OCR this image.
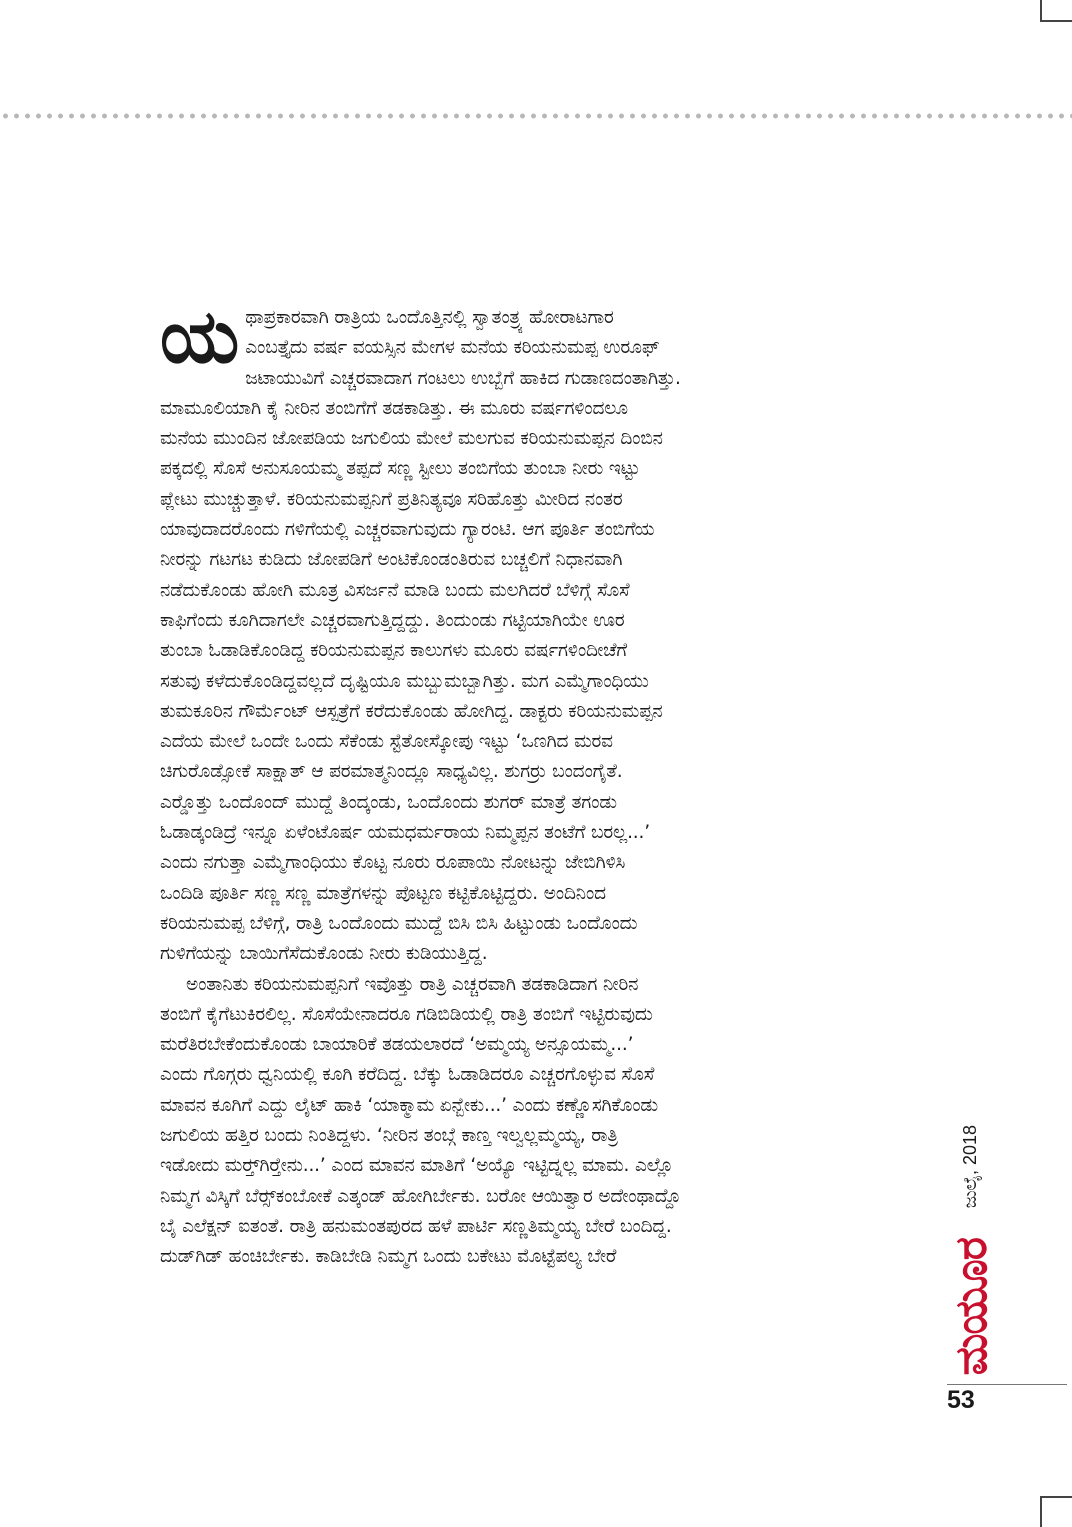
ಯ ಥಾಪ್ರಕಾರವಾಗಿ ರಾತ್ರಿಯ ಒಂದೊತ್ತಿನಲ್ಲಿ ಸ್ವಾತಂತ್ರ್ಯ ಹೋರಾಟಗಾರ
ಎಂಬತ್ತೈದು ವರ್ಷ ವಯಸ್ಸಿನ ಮೇಗಳ ಮನೆಯ ಕರಿಯನುಮಪ್ಪ ಉರೂಫ್
ಜಟಾಯುವಿಗೆ ಎಚ್ಚರವಾದಾಗ ಗಂಟಲು ಉಬ್ಬೆಗೆ ಹಾಕಿದ ಗುಡಾಣದಂತಾಗಿತ್ತು.
ಮಾಮೂಲಿಯಾಗಿ ಕೈ ನೀರಿನ ತಂಬಿಗೆಗೆ ತಡಕಾಡಿತ್ತು. ಈ ಮೂರು ವರ್ಷಗಳಿಂದಲೂ
ಮನೆಯ ಮುಂದಿನ ಜೋಪಡಿಯ ಜಗುಲಿಯ ಮೇಲೆ ಮಲಗುವ ಕರಿಯನುಮಪ್ಪನ ದಿಂಬಿನ
ಪಕ್ಕದಲ್ಲಿ ಸೊಸೆ ಅನುಸೂಯಮ್ಮ ತಪ್ಪದೆ ಸಣ್ಣ ಸ್ಟೀಲು ತಂಬಿಗೆಯ ತುಂಬಾ ನೀರು ಇಟ್ಟು
ಪ್ಲೇಟು ಮುಚ್ಚುತ್ತಾಳೆ. ಕರಿಯನುಮಪ್ಪನಿಗೆ ಪ್ರತಿನಿತ್ಯವೂ ಸರಿಹೊತ್ತು ಮೀರಿದ ನಂತರ
ಯಾವುದಾದರೊಂದು ಗಳಿಗೆಯಲ್ಲಿ ಎಚ್ಚರವಾಗುವುದು ಗ್ಯಾರಂಟಿ. ಆಗ ಪೂರ್ತಿ ತಂಬಿಗೆಯ
ನೀರನ್ನು ಗಟಗಟ ಕುಡಿದು ಜೋಪಡಿಗೆ ಅಂಟಿಕೊಂಡಂತಿರುವ ಬಚ್ಚಲಿಗೆ ನಿಧಾನವಾಗಿ
ನಡೆದುಕೊಂಡು ಹೋಗಿ ಮೂತ್ರ ವಿಸರ್ಜನೆ ಮಾಡಿ ಬಂದು ಮಲಗಿದರೆ ಬೆಳಿಗ್ಗೆ ಸೊಸೆ
ಕಾಫಿಗೆಂದು ಕೂಗಿದಾಗಲೇ ಎಚ್ಚರವಾಗುತ್ತಿದ್ದದ್ದು. ತಿಂದುಂಡು ಗಟ್ಟಿಯಾಗಿಯೇ ಊರ
ತುಂಬಾ ಓಡಾಡಿಕೊಂಡಿದ್ದ ಕರಿಯನುಮಪ್ಪನ ಕಾಲುಗಳು ಮೂರು ವರ್ಷಗಳಿಂದೀಚೆಗೆ
ಸತುವು ಕಳೆದುಕೊಂಡಿದ್ದವಲ್ಲದೆ ದೃಷ್ಟಿಯೂ ಮಬ್ಬುಮಬ್ಬಾಗಿತ್ತು. ಮಗ ಎಮ್ಮೆಗಾಂಧಿಯು
ತುಮಕೂರಿನ ಗೌರ್ಮೆಂಟ್ ಆಸ್ಪತ್ರೆಗೆ ಕರೆದುಕೊಂಡು ಹೋಗಿದ್ದ. ಡಾಕ್ಟರು ಕರಿಯನುಮಪ್ಪನ
ಎದೆಯ ಮೇಲೆ ಒಂದೇ ಒಂದು ಸೆಕೆಂಡು ಸ್ಟೆತೋಸ್ಕೋಪು ಇಟ್ಟು ‘ಒಣಗಿದ ಮರವ
ಚಿಗುರೊಡ್ಸೋಕೆ ಸಾಕ್ಷಾತ್ ಆ ಪರಮಾತ್ಮನಿಂದ್ಲೂ ಸಾಧ್ಯವಿಲ್ಲ. ಶುಗರ‍್ರು ಬಂದಂಗೈತೆ.
ಎರ‍್ಡೊತ್ತು ಒಂದೊಂದ್ ಮುದ್ದೆ ತಿಂದ್ಕಂಡು, ಒಂದೊಂದು ಶುಗರ್ ಮಾತ್ರೆ ತಗಂಡು
ಓಡಾಡ್ಕಂಡಿದ್ರೆ ಇನ್ನೂ ಏಳೆಂಟೊರ್ಷ ಯಮಧರ್ಮರಾಯ ನಿಮ್ಮಪ್ಪನ ತಂಟೆಗೆ ಬರಲ್ಲ...’
ಎಂದು ನಗುತ್ತಾ ಎಮ್ಮೆಗಾಂಧಿಯು ಕೊಟ್ಟ ನೂರು ರೂಪಾಯಿ ನೋಟನ್ನು ಜೇಬಿಗಿಳಿಸಿ
ಒಂದಿಡಿ ಪೂರ್ತಿ ಸಣ್ಣ ಸಣ್ಣ ಮಾತ್ರೆಗಳನ್ನು ಪೊಟ್ಟಣ ಕಟ್ಟಿಕೊಟ್ಟಿದ್ದರು. ಅಂದಿನಿಂದ
ಕರಿಯನುಮಪ್ಪ ಬೆಳಿಗ್ಗೆ, ರಾತ್ರಿ ಒಂದೊಂದು ಮುದ್ದೆ ಬಿಸಿ ಬಿಸಿ ಹಿಟ್ಟುಂಡು ಒಂದೊಂದು
ಗುಳಿಗೆಯನ್ನು ಬಾಯಿಗೆಸೆದುಕೊಂಡು ನೀರು ಕುಡಿಯುತ್ತಿದ್ದ.
ಅಂತಾನಿತು ಕರಿಯನುಮಪ್ಪನಿಗೆ ಇವೊತ್ತು ರಾತ್ರಿ ಎಚ್ಚರವಾಗಿ ತಡಕಾಡಿದಾಗ ನೀರಿನ
ತಂಬಿಗೆ ಕೈಗೆಟುಕಿರಲಿಲ್ಲ. ಸೊಸೆಯೇನಾದರೂ ಗಡಿಬಿಡಿಯಲ್ಲಿ ರಾತ್ರಿ ತಂಬಿಗೆ ಇಟ್ಟಿರುವುದು
ಮರೆತಿರಬೇಕೆಂದುಕೊಂಡು ಬಾಯಾರಿಕೆ ತಡಯಲಾರದೆ ‘ಅಮ್ಮಯ್ಯ ಅನ್ಸೂಯಮ್ಮ...’
ಎಂದು ಗೊಗ್ಗರು ಧ್ವನಿಯಲ್ಲಿ ಕೂಗಿ ಕರೆದಿದ್ದ. ಬೆಕ್ಕು ಓಡಾಡಿದರೂ ಎಚ್ಚರಗೊಳ್ಳುವ ಸೊಸೆ
ಮಾವನ ಕೂಗಿಗೆ ಎದ್ದು ಲೈಟ್ ಹಾಕಿ ‘ಯಾಕ್ಮಾಮ ಏನ್ಬೇಕು...’ ಎಂದು ಕಣ್ಣೊಸಗಿಕೊಂಡು
ಜಗುಲಿಯ ಹತ್ತಿರ ಬಂದು ನಿಂತಿದ್ದಳು. ‘ನೀರಿನ ತಂಬ್ಗೆ ಕಾಣ್ತ ಇಲ್ವಲ್ಲಮ್ಮಯ್ಯ, ರಾತ್ರಿ
ಇಡೋದು ಮರ‍್ತ್‌ಗಿರ‍್ತೇನು...’ ಎಂದ ಮಾವನ ಮಾತಿಗೆ ‘ಅಯ್ಯೊ ಇಟ್ಟಿದ್ನಲ್ಲ ಮಾಮ. ಎಲ್ಲೊ
ನಿಮ್ಮಗ ವಿಸ್ಕಿಗೆ ಬೆರ‍್ಸ್‌ಕಂಬೋಕೆ ಎತ್ಕಂಡ್ ಹೋಗಿರ್ಬೇಕು. ಬರೋ ಆಯಿತ್ವಾರ ಅದೇಂಥಾದ್ದೊ
ಬೈ ಎಲೆಕ್ಷನ್ ಐತಂತೆ. ರಾತ್ರಿ ಹನುಮಂತಪುರದ ಹಳೆ ಪಾರ್ಟಿ ಸಣ್ಣತಿಮ್ಮಯ್ಯ ಬೇರೆ ಬಂದಿದ್ದ.
ದುಡ್‌ಗಿಡ್ ಹಂಚಿರ್ಬೇಕು. ಕಾಡಿಬೇಡಿ ನಿಮ್ಮಗ ಒಂದು ಬಕೇಟು ಮೊಟ್ಟೆಪಲ್ಯ ಬೇರೆ
ಜುಲೈ, 2018
ಮಯೂರ
53
